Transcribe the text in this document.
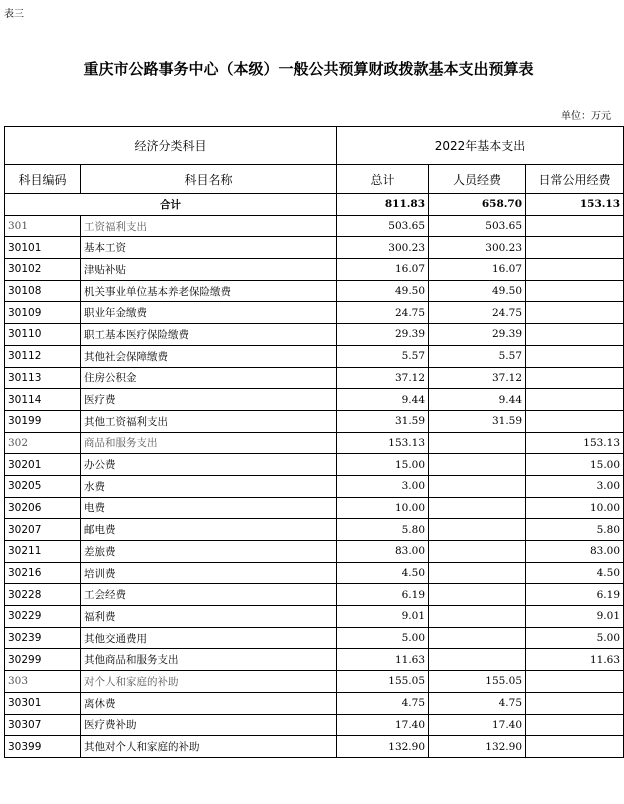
表三
重庆市公路事务中心（本级）一般公共预算财政拨款基本支出预算表
单位：万元
经济分类科目		2022年基本支出		
科目编码	科目名称	总计	人员经费	日常公用经费
合计		811.83	658.70	153.13
301	工资福利支出	503.65	503.65	
30101	基本工资	300.23	300.23	
30102	津贴补贴	16.07	16.07	
30108	机关事业单位基本养老保险缴费	49.50	49.50	
30109	职业年金缴费	24.75	24.75	
30110	职工基本医疗保险缴费	29.39	29.39	
30112	其他社会保障缴费	5.57	5.57	
30113	住房公积金	37.12	37.12	
30114	医疗费	9.44	9.44	
30199	其他工资福利支出	31.59	31.59	
302	商品和服务支出	153.13		153.13
30201	办公费	15.00		15.00
30205	水费	3.00		3.00
30206	电费	10.00		10.00
30207	邮电费	5.80		5.80
30211	差旅费	83.00		83.00
30216	培训费	4.50		4.50
30228	工会经费	6.19		6.19
30229	福利费	9.01		9.01
30239	其他交通费用	5.00		5.00
30299	其他商品和服务支出	11.63		11.63
303	对个人和家庭的补助	155.05	155.05	
30301	离休费	4.75	4.75	
30307	医疗费补助	17.40	17.40	
30399	其他对个人和家庭的补助	132.90	132.90	
